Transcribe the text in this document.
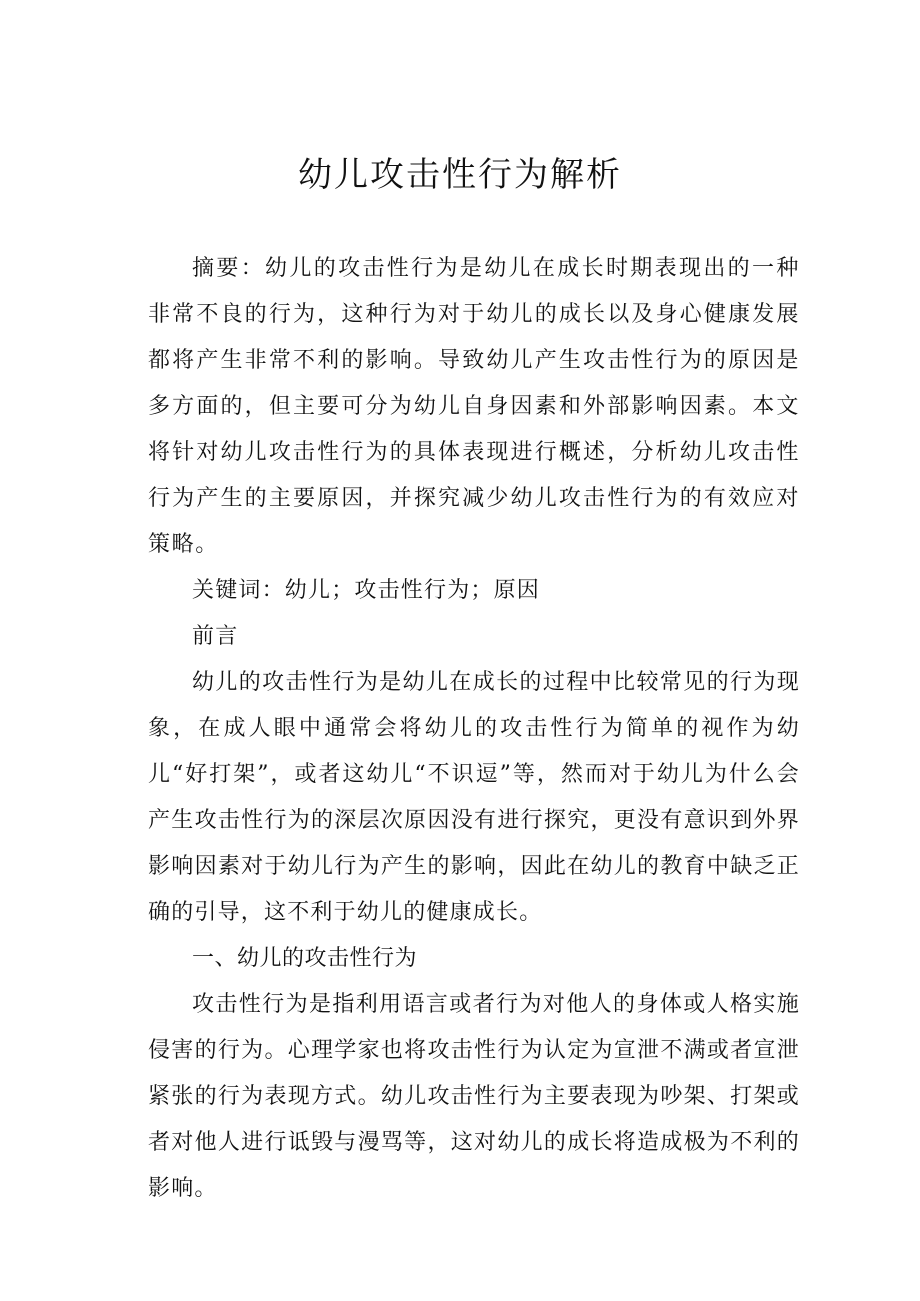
幼儿攻击性行为解析

摘要：幼儿的攻击性行为是幼儿在成长时期表现出的一种非常不良的行为，这种行为对于幼儿的成长以及身心健康发展都将产生非常不利的影响。导致幼儿产生攻击性行为的原因是多方面的，但主要可分为幼儿自身因素和外部影响因素。本文将针对幼儿攻击性行为的具体表现进行概述，分析幼儿攻击性行为产生的主要原因，并探究减少幼儿攻击性行为的有效应对策略。

关键词：幼儿；攻击性行为；原因

前言

幼儿的攻击性行为是幼儿在成长的过程中比较常见的行为现象，在成人眼中通常会将幼儿的攻击性行为简单的视作为幼儿“好打架”，或者这幼儿“不识逗”等，然而对于幼儿为什么会产生攻击性行为的深层次原因没有进行探究，更没有意识到外界影响因素对于幼儿行为产生的影响，因此在幼儿的教育中缺乏正确的引导，这不利于幼儿的健康成长。

一、幼儿的攻击性行为

攻击性行为是指利用语言或者行为对他人的身体或人格实施侵害的行为。心理学家也将攻击性行为认定为宣泄不满或者宣泄紧张的行为表现方式。幼儿攻击性行为主要表现为吵架、打架或者对他人进行诋毁与漫骂等，这对幼儿的成长将造成极为不利的影响。
